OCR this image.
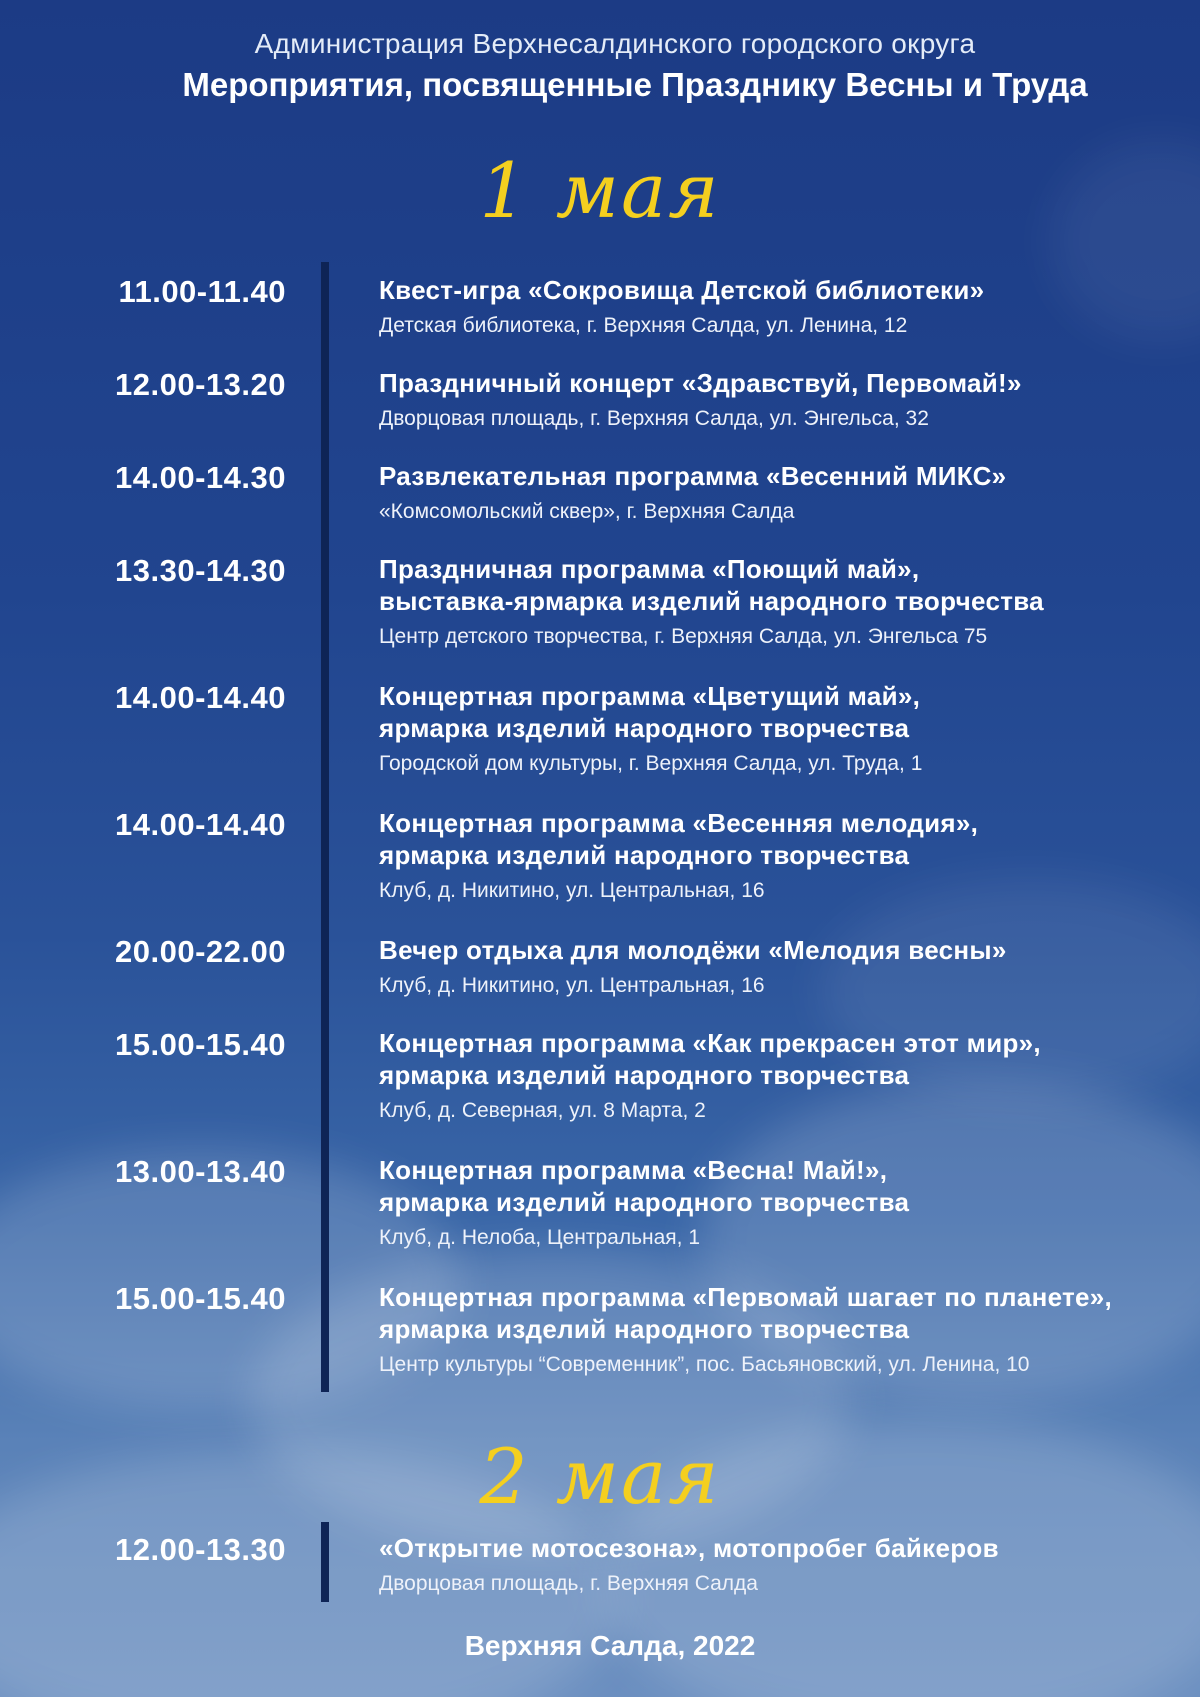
Администрация Верхнесалдинского городского округа
Мероприятия, посвященные Празднику Весны и Труда
1 мая
11.00-11.40	Квест-игра «Сокровища Детской библиотеки»
Детская библиотека, г. Верхняя Салда, ул. Ленина, 12
12.00-13.20	Праздничный концерт «Здравствуй, Первомай!»
Дворцовая площадь, г. Верхняя Салда, ул. Энгельса, 32
14.00-14.30	Развлекательная программа «Весенний МИКС»
«Комсомольский сквер», г. Верхняя Салда
13.30-14.30	Праздничная программа «Поющий май»,
выставка-ярмарка изделий народного творчества
Центр детского творчества, г. Верхняя Салда, ул. Энгельса 75
14.00-14.40	Концертная программа «Цветущий май»,
ярмарка изделий народного творчества
Городской дом культуры, г. Верхняя Салда, ул. Труда, 1
14.00-14.40	Концертная программа «Весенняя мелодия»,
ярмарка изделий народного творчества
Клуб, д. Никитино, ул. Центральная, 16
20.00-22.00	Вечер отдыха для молодёжи «Мелодия весны»
Клуб, д. Никитино, ул. Центральная, 16
15.00-15.40	Концертная программа «Как прекрасен этот мир»,
ярмарка изделий народного творчества
Клуб, д. Северная, ул. 8 Марта, 2
13.00-13.40	Концертная программа «Весна! Май!»,
ярмарка изделий народного творчества
Клуб, д. Нелоба, Центральная, 1
15.00-15.40	Концертная программа «Первомай шагает по планете»,
ярмарка изделий народного творчества
Центр культуры “Современник”, пос. Басьяновский, ул. Ленина, 10
2 мая
12.00-13.30	«Открытие мотосезона», мотопробег байкеров
Дворцовая площадь, г. Верхняя Салда
Верхняя Салда, 2022
